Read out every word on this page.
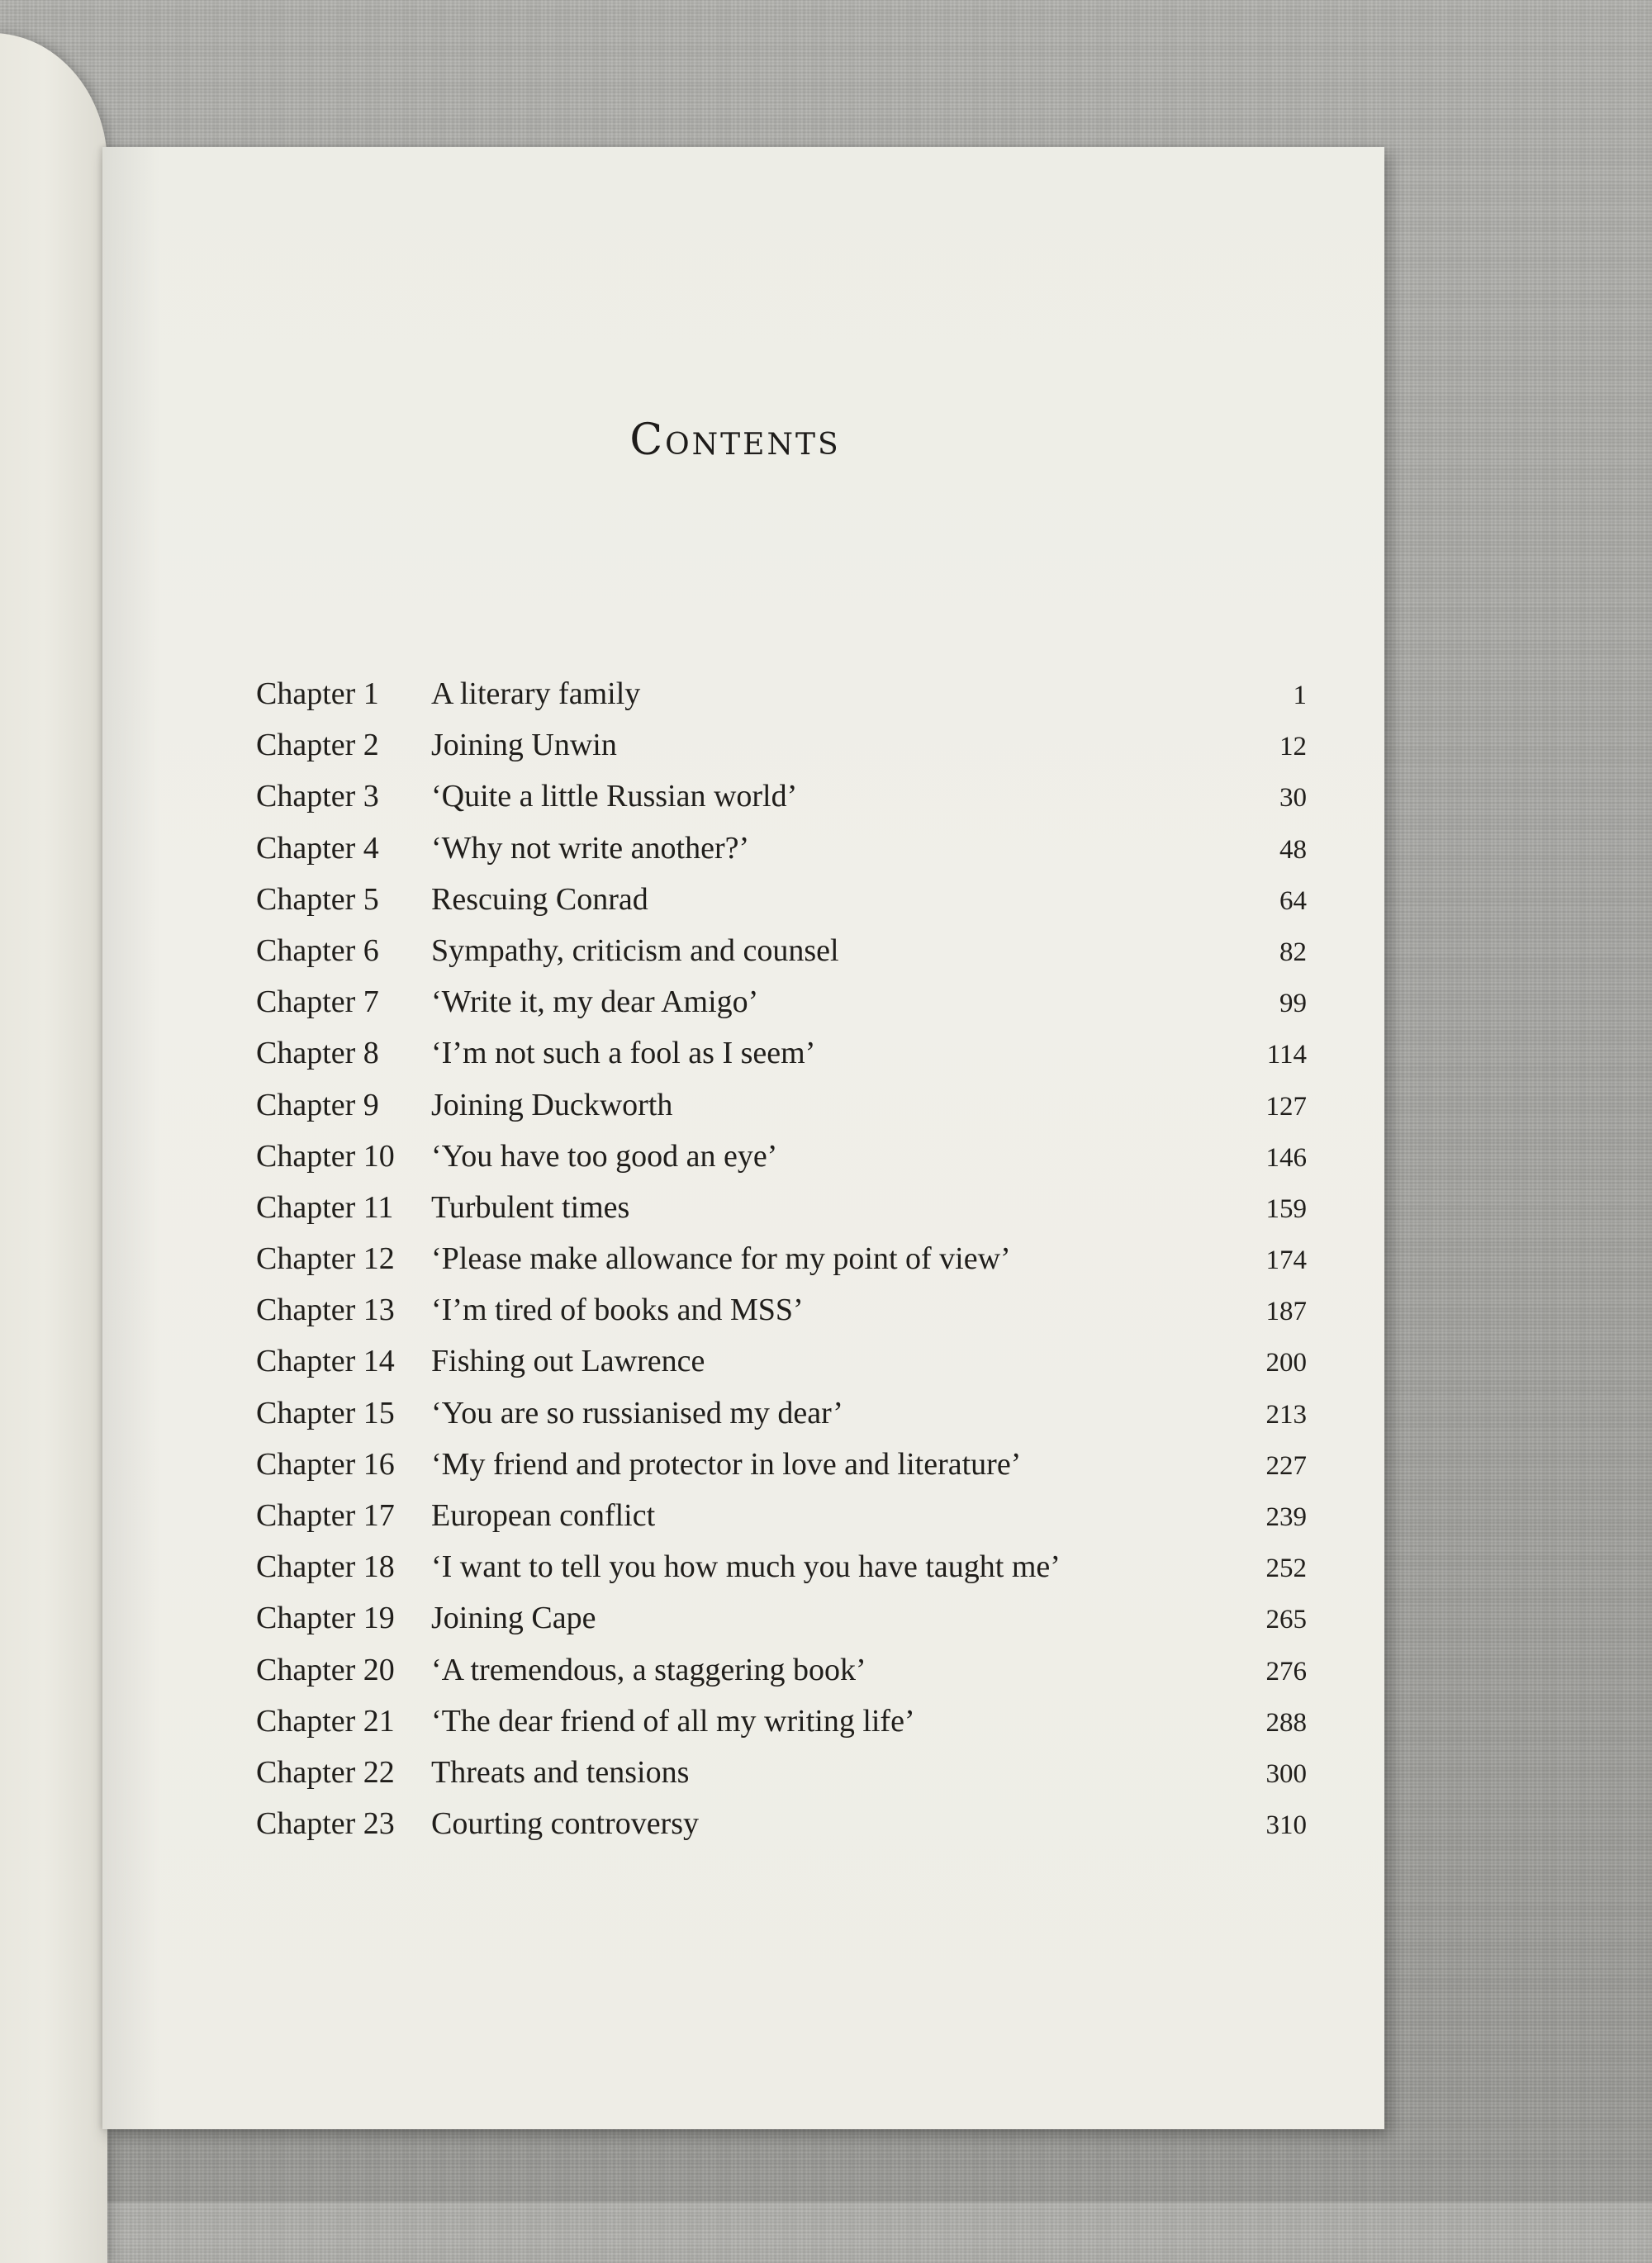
Contents
Chapter 1	A literary family	1
Chapter 2	Joining Unwin	12
Chapter 3	‘Quite a little Russian world’	30
Chapter 4	‘Why not write another?’	48
Chapter 5	Rescuing Conrad	64
Chapter 6	Sympathy, criticism and counsel	82
Chapter 7	‘Write it, my dear Amigo’	99
Chapter 8	‘I’m not such a fool as I seem’	114
Chapter 9	Joining Duckworth	127
Chapter 10	‘You have too good an eye’	146
Chapter 11	Turbulent times	159
Chapter 12	‘Please make allowance for my point of view’	174
Chapter 13	‘I’m tired of books and MSS’	187
Chapter 14	Fishing out Lawrence	200
Chapter 15	‘You are so russianised my dear’	213
Chapter 16	‘My friend and protector in love and literature’	227
Chapter 17	European conflict	239
Chapter 18	‘I want to tell you how much you have taught me’	252
Chapter 19	Joining Cape	265
Chapter 20	‘A tremendous, a staggering book’	276
Chapter 21	‘The dear friend of all my writing life’	288
Chapter 22	Threats and tensions	300
Chapter 23	Courting controversy	310
